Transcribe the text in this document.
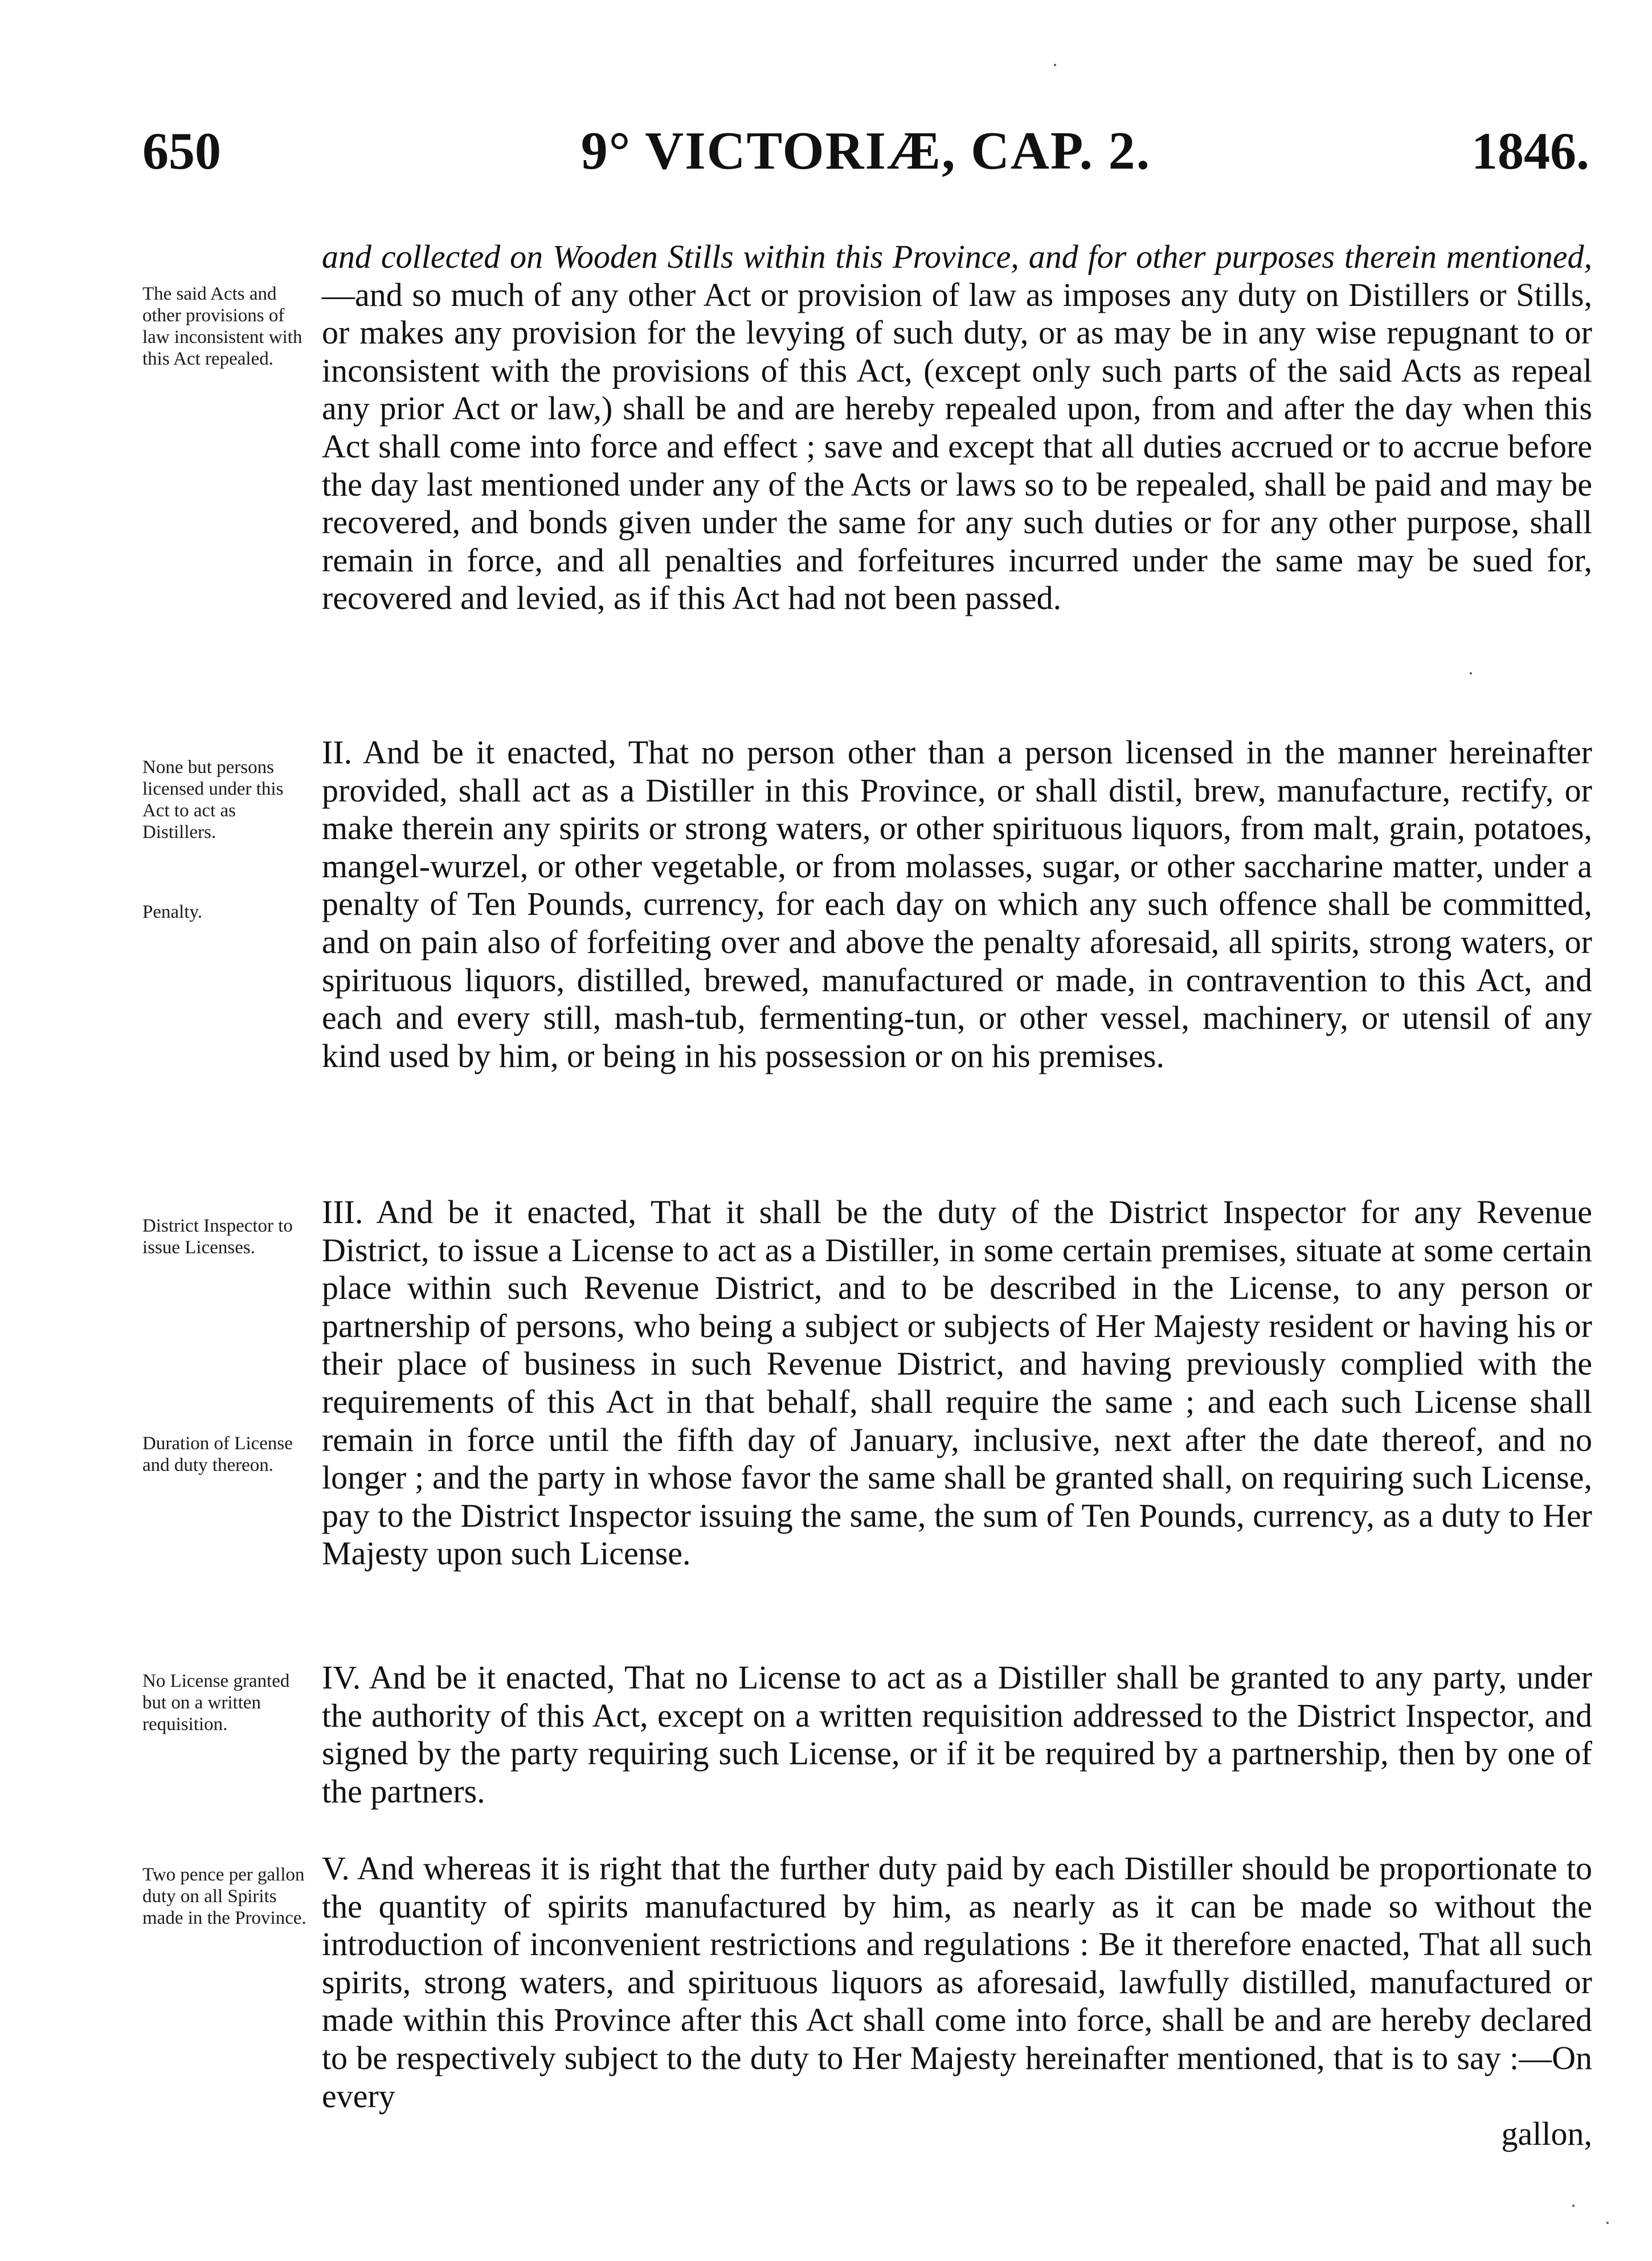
650	9° VICTORIÆ, CAP. 2.	1846.
The said Acts and other provisions of law inconsistent with this Act repealed.
None but persons licensed under this Act to act as Distillers.
Penalty.
District Inspector to issue Licenses.
Duration of License and duty thereon.
No License granted but on a written requisition.
Two pence per gallon duty on all Spirits made in the Province.

and collected on Wooden Stills within this Province, and for other purposes therein mentioned,—and so much of any other Act or provision of law as imposes any duty on Distillers or Stills, or makes any provision for the levying of such duty, or as may be in any wise repugnant to or inconsistent with the provisions of this Act, (except only such parts of the said Acts as repeal any prior Act or law,) shall be and are hereby repealed upon, from and after the day when this Act shall come into force and effect ; save and except that all duties accrued or to accrue before the day last mentioned under any of the Acts or laws so to be repealed, shall be paid and may be recovered, and bonds given under the same for any such duties or for any other purpose, shall remain in force, and all penalties and forfeitures incurred under the same may be sued for, recovered and levied, as if this Act had not been passed.

II. And be it enacted, That no person other than a person licensed in the manner hereinafter provided, shall act as a Distiller in this Province, or shall distil, brew, manufacture, rectify, or make therein any spirits or strong waters, or other spirituous liquors, from malt, grain, potatoes, mangel-wurzel, or other vegetable, or from molasses, sugar, or other saccharine matter, under a penalty of Ten Pounds, currency, for each day on which any such offence shall be committed, and on pain also of forfeiting over and above the penalty aforesaid, all spirits, strong waters, or spirituous liquors, distilled, brewed, manufactured or made, in contravention to this Act, and each and every still, mash-tub, fermenting-tun, or other vessel, machinery, or utensil of any kind used by him, or being in his possession or on his premises.

III. And be it enacted, That it shall be the duty of the District Inspector for any Revenue District, to issue a License to act as a Distiller, in some certain premises, situate at some certain place within such Revenue District, and to be described in the License, to any person or partnership of persons, who being a subject or subjects of Her Majesty resident or having his or their place of business in such Revenue District, and having previously complied with the requirements of this Act in that behalf, shall require the same ; and each such License shall remain in force until the fifth day of January, inclusive, next after the date thereof, and no longer ; and the party in whose favor the same shall be granted shall, on requiring such License, pay to the District Inspector issuing the same, the sum of Ten Pounds, currency, as a duty to Her Majesty upon such License.

IV. And be it enacted, That no License to act as a Distiller shall be granted to any party, under the authority of this Act, except on a written requisition addressed to the District Inspector, and signed by the party requiring such License, or if it be required by a partnership, then by one of the partners.

V. And whereas it is right that the further duty paid by each Distiller should be proportionate to the quantity of spirits manufactured by him, as nearly as it can be made so without the introduction of inconvenient restrictions and regulations : Be it therefore enacted, That all such spirits, strong waters, and spirituous liquors as aforesaid, lawfully distilled, manufactured or made within this Province after this Act shall come into force, shall be and are hereby declared to be respectively subject to the duty to Her Majesty hereinafter mentioned, that is to say :—On every

gallon,
